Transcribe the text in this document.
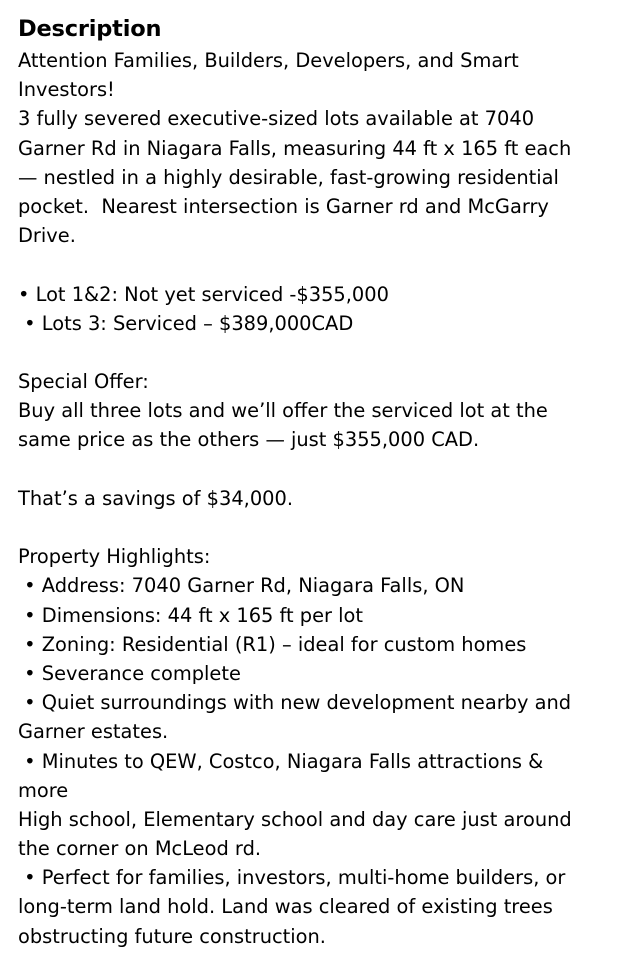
Description

Attention Families, Builders, Developers, and Smart

Investors!

3 fully severed executive-sized lots available at 7040

Garner Rd in Niagara Falls, measuring 44 ft x 165 ft each

— nestled in a highly desirable, fast-growing residential

pocket.  Nearest intersection is Garner rd and McGarry

Drive.

• Lot 1&2: Not yet serviced -$355,000

• Lots 3: Serviced – $389,000CAD

Special Offer:

Buy all three lots and we’ll offer the serviced lot at the

same price as the others — just $355,000 CAD.

That’s a savings of $34,000.

Property Highlights:

• Address: 7040 Garner Rd, Niagara Falls, ON

• Dimensions: 44 ft x 165 ft per lot

• Zoning: Residential (R1) – ideal for custom homes

• Severance complete

• Quiet surroundings with new development nearby and

Garner estates.

• Minutes to QEW, Costco, Niagara Falls attractions &

more

High school, Elementary school and day care just around

the corner on McLeod rd.

• Perfect for families, investors, multi-home builders, or

long-term land hold. Land was cleared of existing trees

obstructing future construction.
